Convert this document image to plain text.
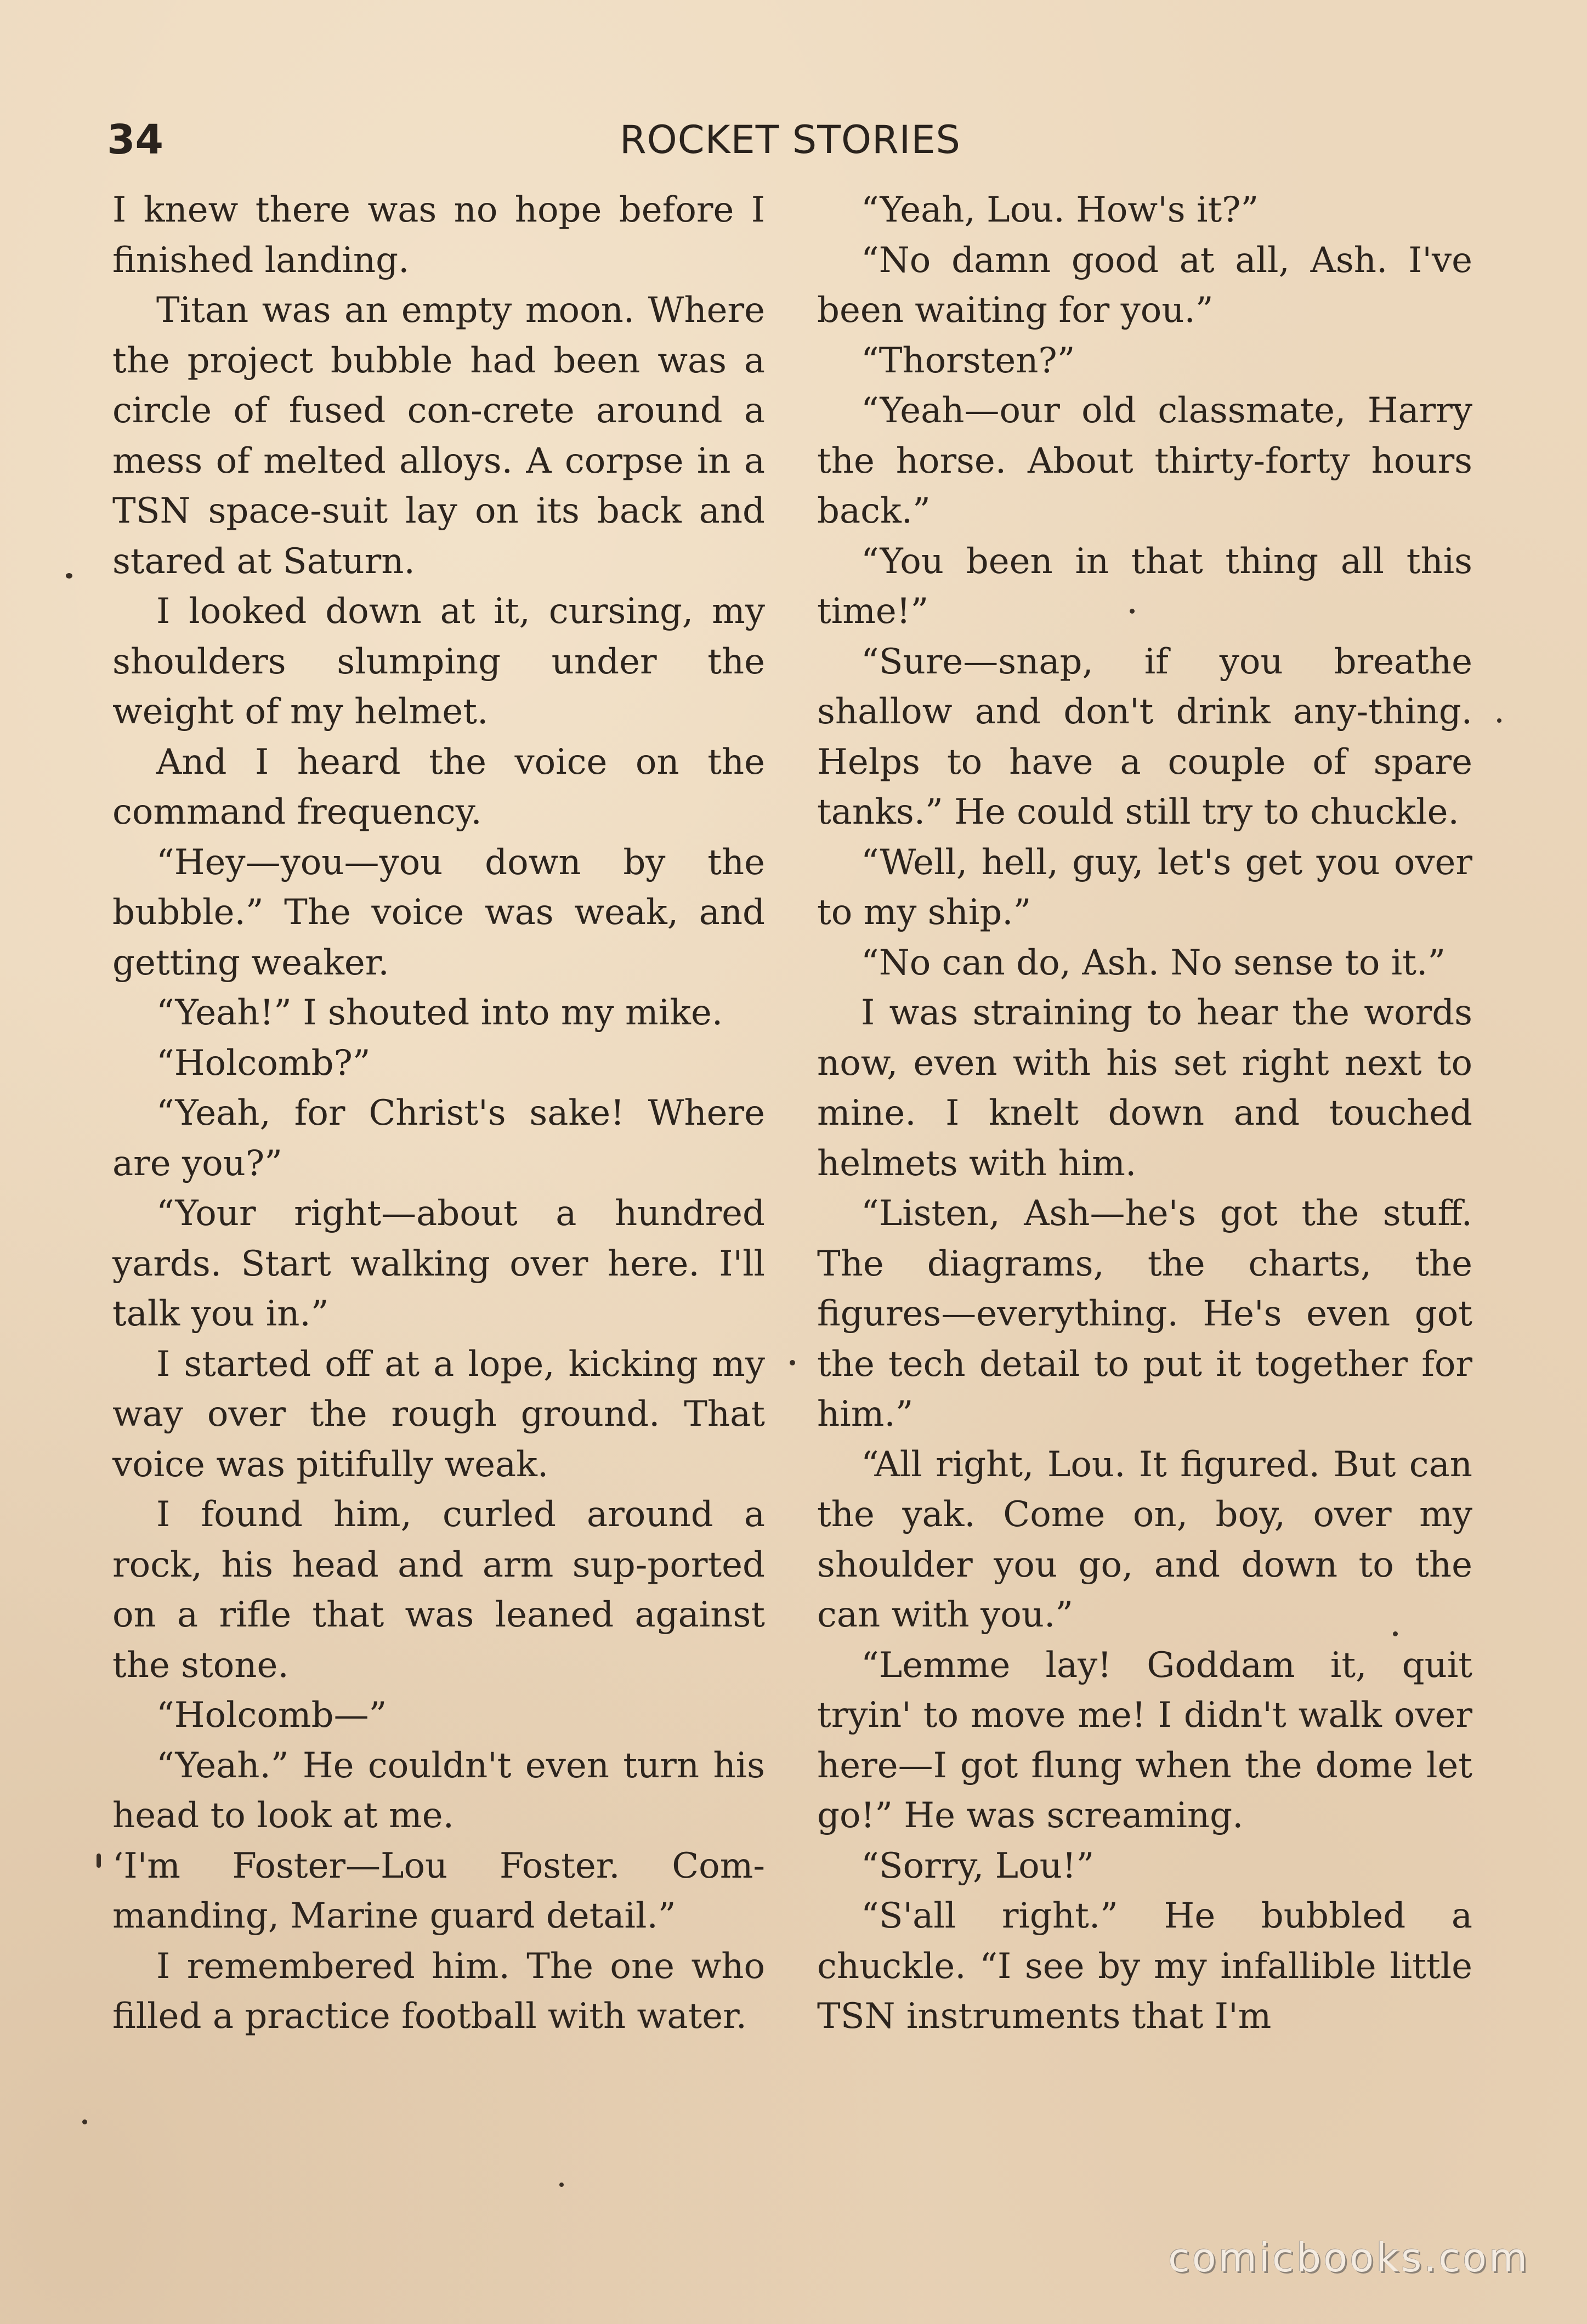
34	ROCKET STORIES

I knew there was no hope before I finished landing.

Titan was an empty moon. Where the project bubble had been was a circle of fused con-crete around a mess of melted alloys. A corpse in a TSN space-suit lay on its back and stared at Saturn.

I looked down at it, cursing, my shoulders slumping under the weight of my helmet.

And I heard the voice on the command frequency.

“Hey—you—you down by the bubble.” The voice was weak, and getting weaker.

“Yeah!” I shouted into my mike.

“Holcomb?”

“Yeah, for Christ's sake! Where are you?”

“Your right—about a hundred yards. Start walking over here. I'll talk you in.”

I started off at a lope, kicking my way over the rough ground. That voice was pitifully weak.

I found him, curled around a rock, his head and arm sup-ported on a rifle that was leaned against the stone.

“Holcomb—”

“Yeah.” He couldn't even turn his head to look at me.

‘I'm Foster—Lou Foster. Com-manding, Marine guard detail.”

I remembered him. The one who filled a practice football with water.

“Yeah, Lou. How's it?”

“No damn good at all, Ash. I've been waiting for you.”

“Thorsten?”

“Yeah—our old classmate, Harry the horse. About thirty-forty hours back.”

“You been in that thing all this time!”

“Sure—snap, if you breathe shallow and don't drink any-thing. Helps to have a couple of spare tanks.” He could still try to chuckle.

“Well, hell, guy, let's get you over to my ship.”

“No can do, Ash. No sense to it.”

I was straining to hear the words now, even with his set right next to mine. I knelt down and touched helmets with him.

“Listen, Ash—he's got the stuff. The diagrams, the charts, the figures—everything. He's even got the tech detail to put it together for him.”

“All right, Lou. It figured. But can the yak. Come on, boy, over my shoulder you go, and down to the can with you.”

“Lemme lay! Goddam it, quit tryin' to move me! I didn't walk over here—I got flung when the dome let go!” He was screaming.

“Sorry, Lou!”

“S'all right.” He bubbled a chuckle. “I see by my infallible little TSN instruments that I'm

comicbooks.com
